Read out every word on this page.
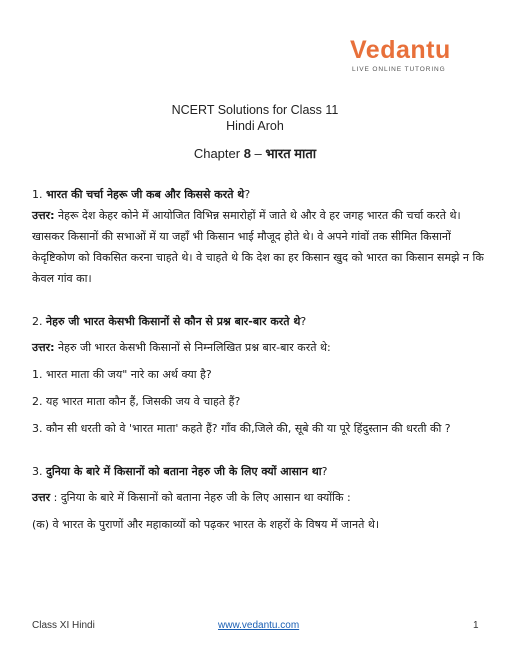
Vedantu
LIVE ONLINE TUTORING
NCERT Solutions for Class 11
Hindi Aroh
Chapter 8 – भारत माता

1. भारत की चर्चा नेहरू जी कब और किससे करते थे?

उत्तर: नेहरू देश केहर कोने में आयोजित विभिन्न समारोहों में जाते थे और वे हर जगह भारत की चर्चा करते थे। खासकर किसानों की सभाओं में या जहाँ भी किसान भाई मौजूद होते थे। वे अपने गांवों तक सीमित किसानों केदृष्टिकोण को विकसित करना चाहते थे। वे चाहते थे कि देश का हर किसान खुद को भारत का किसान समझे न कि केवल गांव का।

2. नेहरु जी भारत केसभी किसानों से कौन से प्रश्न बार-बार करते थे?

उत्तर: नेहरु जी भारत केसभी किसानों से निम्नलिखित प्रश्न बार-बार करते थे:

1. भारत माता की जय" नारे का अर्थ क्या है?

2. यह भारत माता कौन हैं, जिसकी जय वे चाहते हैं?

3. कौन सी धरती को वे 'भारत माता' कहते हैं? गाँव की,जिले की, सूबे की या पूरे हिंदुस्तान की धरती की ?

3. दुनिया के बारे में किसानों को बताना नेहरु जी के लिए क्यों आसान था?

उत्तर : दुनिया के बारे में किसानों को बताना नेहरु जी के लिए आसान था क्योंकि :

(क) वे भारत के पुराणों और महाकाव्यों को पढ़कर भारत के शहरों के विषय में जानते थे।

Class XI Hindi	www.vedantu.com	1
